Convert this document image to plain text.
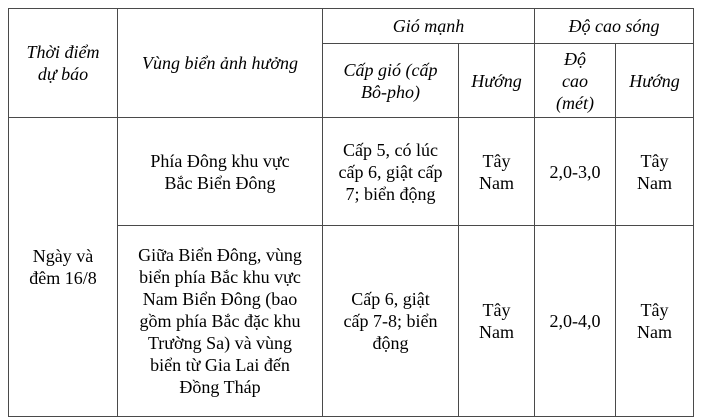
Thời điểm dự báo	Vùng biển ảnh hưởng	Gió mạnh		Độ cao sóng	
		Cấp gió (cấp Bô-pho)	Hướng	Độ cao (mét)	Hướng
Ngày và đêm 16/8	Phía Đông khu vực Bắc Biển Đông	Cấp 5, có lúc cấp 6, giật cấp 7; biển động	Tây Nam	2,0-3,0	Tây Nam
	Giữa Biển Đông, vùng biển phía Bắc khu vực Nam Biển Đông (bao gồm phía Bắc đặc khu Trường Sa) và vùng biển từ Gia Lai đến Đồng Tháp	Cấp 6, giật cấp 7-8; biển động	Tây Nam	2,0-4,0	Tây Nam
